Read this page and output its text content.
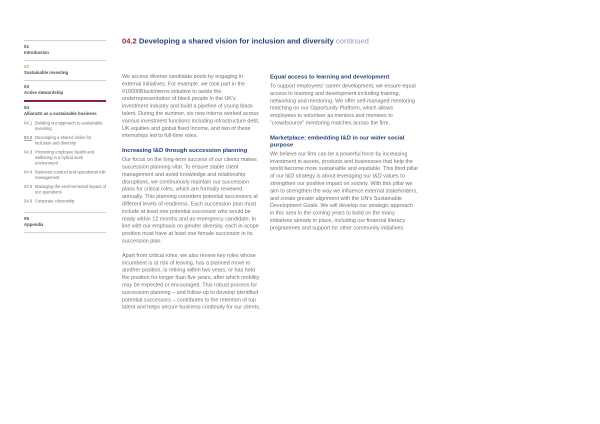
01
Introduction
02
Sustainable investing
03
Active stewardship
04
AllianzGI as a sustainable business
04.1 Building our approach to sustainable investing
04.2 Developing a shared vision for inclusion and diversity
04.3 Promoting employee health and wellbeing in a hybrid work environment
04.4 Business conduct and operational risk management
04.5 Managing the environmental impact of our operations
04.6 Corporate citizenship
05
Appendix
04.2 Developing a shared vision for inclusion and diversity continued

We access diverse candidate pools by engaging in external initiatives. For example, we took part in the #10000BlackInterns initiative to tackle the underrepresentation of black people in the UK’s investment industry and build a pipeline of young black talent. During the summer, six new interns worked across various investment functions including infrastructure debt, UK equities and global fixed income, and two of these internships led to full-time roles.

Increasing I&D through succession planning

Our focus on the long-term success of our clients makes succession planning vital. To ensure stable client management and avoid knowledge and relationship disruptions, we continuously maintain our succession plans for critical roles, which are formally reviewed annually. This planning considers potential successors at different levels of readiness. Each succession plan must include at least one potential successor who would be ready within 12 months and an emergency candidate. In line with our emphasis on gender diversity, each in-scope position must have at least one female successor in its succession plan.

Apart from critical roles, we also review key roles whose incumbent is at risk of leaving, has a planned move to another position, is retiring within two years, or has held the position for longer than five years, after which mobility may be expected or encouraged. This robust process for succession planning – and follow-up to develop identified potential successors – contributes to the retention of top talent and helps secure business continuity for our clients.

Equal access to learning and development

To support employees’ career development, we ensure equal access to learning and development including training, networking and mentoring. We offer self-managed mentoring matching on our Opportunity Platform, which allows employees to volunteer as mentors and mentees to “crowdsource” mentoring matches across the firm.

Marketplace: embedding I&D in our wider social purpose

We believe our firm can be a powerful force by increasing investment in assets, products and businesses that help the world become more sustainable and equitable. This third pillar of our I&D strategy is about leveraging our I&D values to strengthen our positive impact on society. With this pillar we aim to strengthen the way we influence external stakeholders, and create greater alignment with the UN’s Sustainable Development Goals. We will develop our strategic approach in this area in the coming years to build on the many initiatives already in place, including our financial literacy programmes and support for other community initiatives.
